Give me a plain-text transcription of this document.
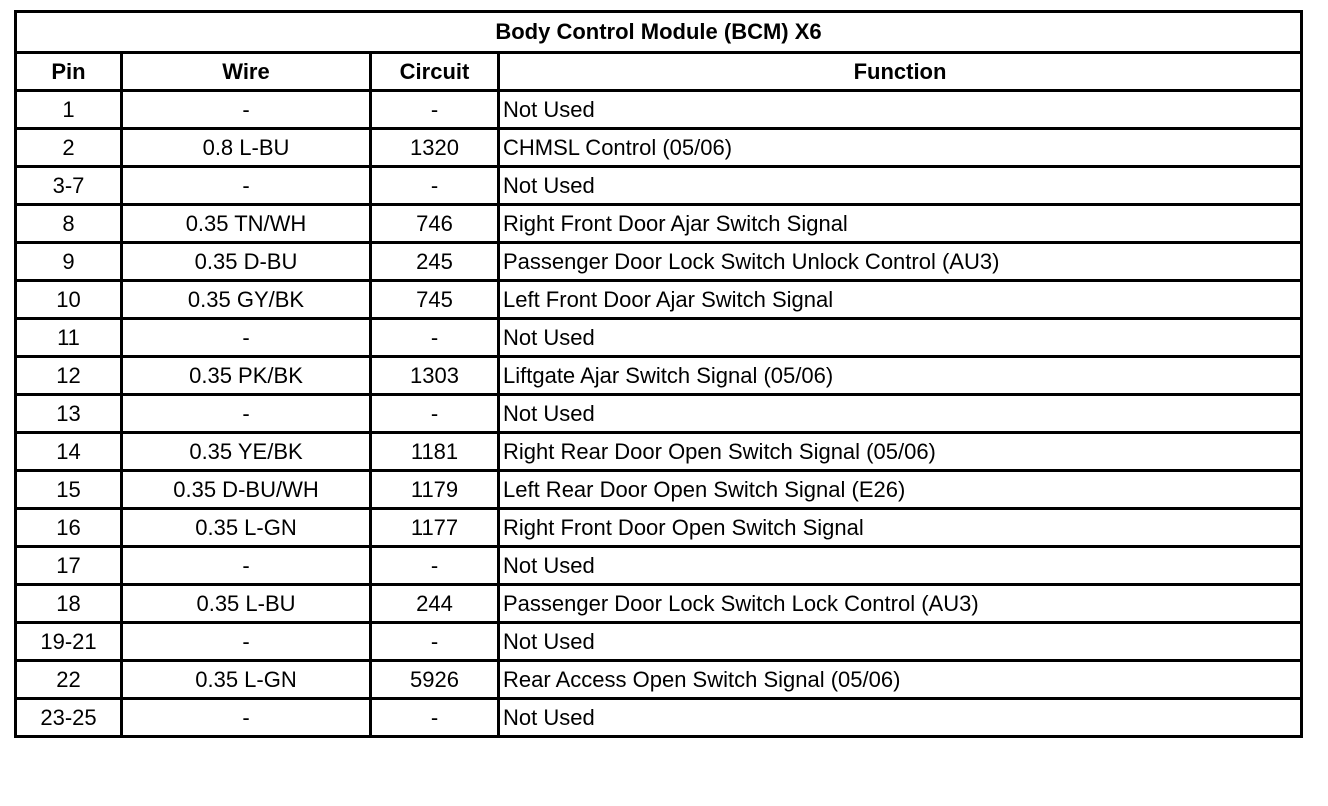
Body Control Module (BCM) X6			
Pin	Wire	Circuit	Function
1	-	-	Not Used
2	0.8 L-BU	1320	CHMSL Control (05/06)
3-7	-	-	Not Used
8	0.35 TN/WH	746	Right Front Door Ajar Switch Signal
9	0.35 D-BU	245	Passenger Door Lock Switch Unlock Control (AU3)
10	0.35 GY/BK	745	Left Front Door Ajar Switch Signal
11	-	-	Not Used
12	0.35 PK/BK	1303	Liftgate Ajar Switch Signal (05/06)
13	-	-	Not Used
14	0.35 YE/BK	1181	Right Rear Door Open Switch Signal (05/06)
15	0.35 D-BU/WH	1179	Left Rear Door Open Switch Signal (E26)
16	0.35 L-GN	1177	Right Front Door Open Switch Signal
17	-	-	Not Used
18	0.35 L-BU	244	Passenger Door Lock Switch Lock Control (AU3)
19-21	-	-	Not Used
22	0.35 L-GN	5926	Rear Access Open Switch Signal (05/06)
23-25	-	-	Not Used
